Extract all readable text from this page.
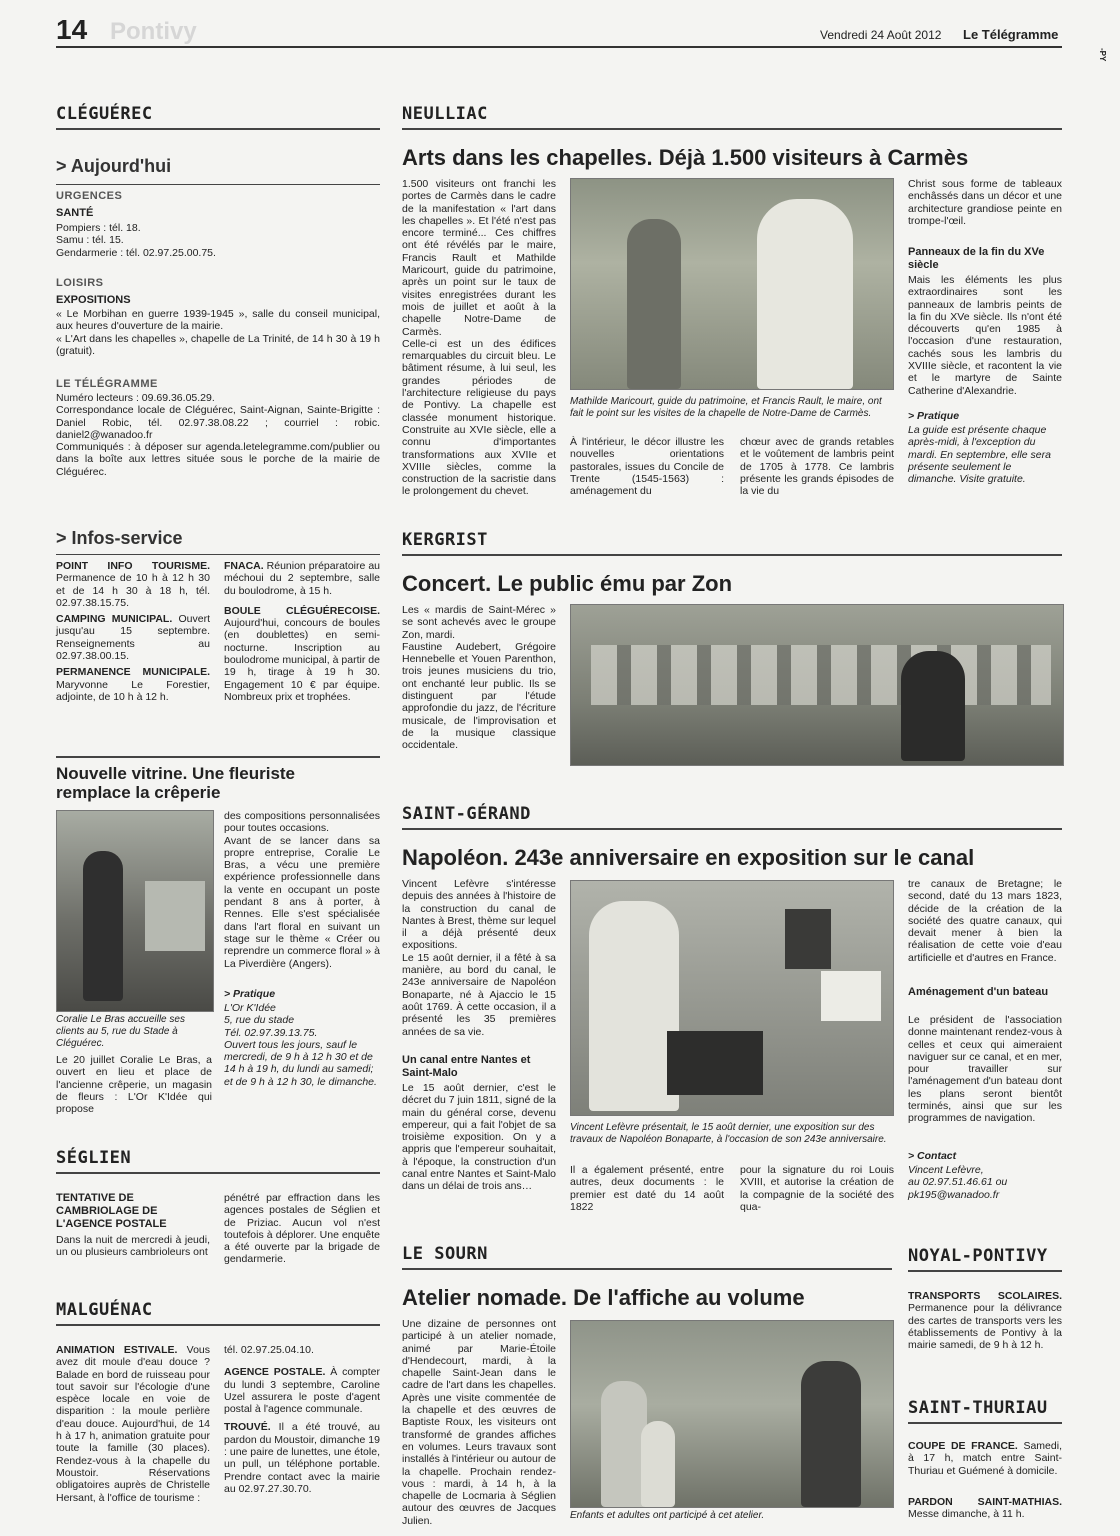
14 Pontivy	Vendredi 24 Août 2012 Le Télégramme
-PY
CLÉGUÉREC
> Aujourd'hui
URGENCES
SANTÉ
Pompiers : tél. 18.
Samu : tél. 15.
Gendarmerie : tél. 02.97.25.00.75.
LOISIRS
EXPOSITIONS
« Le Morbihan en guerre 1939-1945 », salle du conseil municipal, aux heures d'ouverture de la mairie.
« L'Art dans les chapelles », chapelle de La Trinité, de 14 h 30 à 19 h (gratuit).
LE TÉLÉGRAMME
Numéro lecteurs : 09.69.36.05.29.
Correspondance locale de Cléguérec, Saint-Aignan, Sainte-Brigitte : Daniel Robic, tél. 02.97.38.08.22 ; courriel : robic. daniel2@wanadoo.fr
Communiqués : à déposer sur agenda.letelegramme.com/publier ou dans la boîte aux lettres située sous le porche de la mairie de Cléguérec.
> Infos-service
POINT INFO TOURISME. Permanence de 10 h à 12 h 30 et de 14 h 30 à 18 h, tél. 02.97.38.15.75.
CAMPING MUNICIPAL. Ouvert jusqu'au 15 septembre. Renseignements au 02.97.38.00.15.
PERMANENCE MUNICIPALE. Maryvonne Le Forestier, adjointe, de 10 h à 12 h.
FNACA. Réunion préparatoire au méchoui du 2 septembre, salle du boulodrome, à 15 h.
BOULE CLÉGUÉRECOISE. Aujourd'hui, concours de boules (en doublettes) en semi-nocturne. Inscription au boulodrome municipal, à partir de 19 h, tirage à 19 h 30. Engagement 10 € par équipe. Nombreux prix et trophées.
Nouvelle vitrine. Une fleuriste remplace la crêperie
Coralie Le Bras accueille ses clients au 5, rue du Stade à Cléguérec.
Le 20 juillet Coralie Le Bras, a ouvert en lieu et place de l'ancienne crêperie, un magasin de fleurs : L'Or K'Idée qui propose
des compositions personnalisées pour toutes occasions.
Avant de se lancer dans sa propre entreprise, Coralie Le Bras, a vécu une première expérience professionnelle dans la vente en occupant un poste pendant 8 ans à porter, à Rennes. Elle s'est spécialisée dans l'art floral en suivant un stage sur le thème « Créer ou reprendre un commerce floral » à La Piverdière (Angers).
> Pratique
L'Or K'Idée
5, rue du stade
Tél. 02.97.39.13.75.
Ouvert tous les jours, sauf le mercredi, de 9 h à 12 h 30 et de 14 h à 19 h, du lundi au samedi; et de 9 h à 12 h 30, le dimanche.
SÉGLIEN
TENTATIVE DE CAMBRIOLAGE DE L'AGENCE POSTALE
Dans la nuit de mercredi à jeudi, un ou plusieurs cambrioleurs ont
pénétré par effraction dans les agences postales de Séglien et de Priziac. Aucun vol n'est toutefois à déplorer. Une enquête a été ouverte par la brigade de gendarmerie.
MALGUÉNAC
ANIMATION ESTIVALE. Vous avez dit moule d'eau douce ? Balade en bord de ruisseau pour tout savoir sur l'écologie d'une espèce locale en voie de disparition : la moule perlière d'eau douce. Aujourd'hui, de 14 h à 17 h, animation gratuite pour toute la famille (30 places). Rendez-vous à la chapelle du Moustoir. Réservations obligatoires auprès de Christelle Hersant, à l'office de tourisme :
tél. 02.97.25.04.10.
AGENCE POSTALE. À compter du lundi 3 septembre, Caroline Uzel assurera le poste d'agent postal à l'agence communale.
TROUVÉ. Il a été trouvé, au pardon du Moustoir, dimanche 19 : une paire de lunettes, une étole, un pull, un téléphone portable. Prendre contact avec la mairie au 02.97.27.30.70.
NEULLIAC
Arts dans les chapelles. Déjà 1.500 visiteurs à Carmès
1.500 visiteurs ont franchi les portes de Carmès dans le cadre de la manifestation « l'art dans les chapelles ». Et l'été n'est pas encore terminé... Ces chiffres ont été révélés par le maire, Francis Rault et Mathilde Maricourt, guide du patrimoine, après un point sur le taux de visites enregistrées durant les mois de juillet et août à la chapelle Notre-Dame de Carmès.
Celle-ci est un des édifices remarquables du circuit bleu. Le bâtiment résume, à lui seul, les grandes périodes de l'architecture religieuse du pays de Pontivy. La chapelle est classée monument historique. Construite au XVIe siècle, elle a connu d'importantes transformations aux XVIIe et XVIIIe siècles, comme la construction de la sacristie dans le prolongement du chevet.
Mathilde Maricourt, guide du patrimoine, et Francis Rault, le maire, ont fait le point sur les visites de la chapelle de Notre-Dame de Carmès.
À l'intérieur, le décor illustre les nouvelles orientations pastorales, issues du Concile de Trente (1545-1563) : aménagement du
chœur avec de grands retables et le voûtement de lambris peint de 1705 à 1778. Ce lambris présente les grands épisodes de la vie du
Christ sous forme de tableaux enchâssés dans un décor et une architecture grandiose peinte en trompe-l'œil.
Panneaux de la fin du XVe siècle
Mais les éléments les plus extraordinaires sont les panneaux de lambris peints de la fin du XVe siècle. Ils n'ont été découverts qu'en 1985 à l'occasion d'une restauration, cachés sous les lambris du XVIIIe siècle, et racontent la vie et le martyre de Sainte Catherine d'Alexandrie.
> Pratique
La guide est présente chaque après-midi, à l'exception du mardi. En septembre, elle sera présente seulement le dimanche. Visite gratuite.
KERGRIST
Concert. Le public ému par Zon
Les « mardis de Saint-Mérec » se sont achevés avec le groupe Zon, mardi.
Faustine Audebert, Grégoire Hennebelle et Youen Parenthon, trois jeunes musiciens du trio, ont enchanté leur public. Ils se distinguent par l'étude approfondie du jazz, de l'écriture musicale, de l'improvisation et de la musique classique occidentale.
SAINT-GÉRAND
Napoléon. 243e anniversaire en exposition sur le canal
Vincent Lefèvre s'intéresse depuis des années à l'histoire de la construction du canal de Nantes à Brest, thème sur lequel il a déjà présenté deux expositions.
Le 15 août dernier, il a fêté à sa manière, au bord du canal, le 243e anniversaire de Napoléon Bonaparte, né à Ajaccio le 15 août 1769. À cette occasion, il a présenté les 35 premières années de sa vie.
Un canal entre Nantes et Saint-Malo
Le 15 août dernier, c'est le décret du 7 juin 1811, signé de la main du général corse, devenu empereur, qui a fait l'objet de sa troisième exposition. On y a appris que l'empereur souhaitait, à l'époque, la construction d'un canal entre Nantes et Saint-Malo dans un délai de trois ans…
Vincent Lefèvre présentait, le 15 août dernier, une exposition sur des travaux de Napoléon Bonaparte, à l'occasion de son 243e anniversaire.
Il a également présenté, entre autres, deux documents : le premier est daté du 14 août 1822
pour la signature du roi Louis XVIII, et autorise la création de la compagnie de la société des qua-
tre canaux de Bretagne; le second, daté du 13 mars 1823, décide de la création de la société des quatre canaux, qui devait mener à bien la réalisation de cette voie d'eau artificielle et d'autres en France.
Aménagement d'un bateau
Le président de l'association donne maintenant rendez-vous à celles et ceux qui aimeraient naviguer sur ce canal, et en mer, pour travailler sur l'aménagement d'un bateau dont les plans seront bientôt terminés, ainsi que sur les programmes de navigation.
> Contact
Vincent Lefèvre,
au 02.97.51.46.61 ou
pk195@wanadoo.fr
LE SOURN
Atelier nomade. De l'affiche au volume
Une dizaine de personnes ont participé à un atelier nomade, animé par Marie-Étoile d'Hendecourt, mardi, à la chapelle Saint-Jean dans le cadre de l'art dans les chapelles. Après une visite commentée de la chapelle et des œuvres de Baptiste Roux, les visiteurs ont transformé de grandes affiches en volumes. Leurs travaux sont installés à l'intérieur ou autour de la chapelle. Prochain rendez-vous : mardi, à 14 h, à la chapelle de Locmaria à Séglien autour des œuvres de Jacques Julien.	Enfants et adultes ont participé à cet atelier.
NOYAL-PONTIVY
TRANSPORTS SCOLAIRES. Permanence pour la délivrance des cartes de transports vers les établissements de Pontivy à la mairie samedi, de 9 h à 12 h.
SAINT-THURIAU
COUPE DE FRANCE. Samedi, à 17 h, match entre Saint-Thuriau et Guémené à domicile.
PARDON SAINT-MATHIAS. Messe dimanche, à 11 h.
